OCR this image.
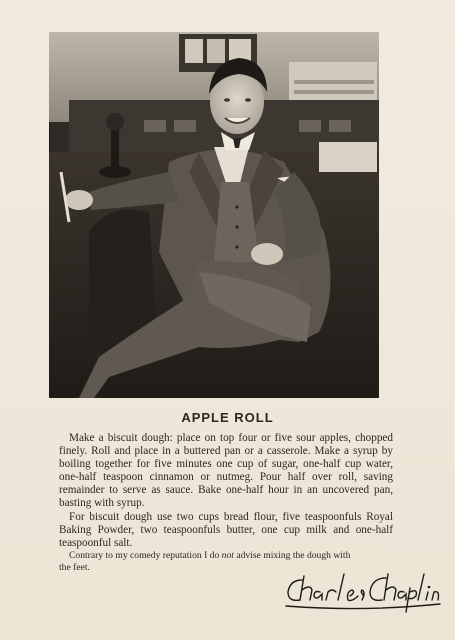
APPLE ROLL

Make a biscuit dough: place on top four or five sour apples, chopped finely. Roll and place in a buttered pan or a casserole. Make a syrup by boiling together for five minutes one cup of sugar, one-half cup water, one-half teaspoon cinnamon or nutmeg. Pour half over roll, saving remainder to serve as sauce. Bake one-half hour in an uncovered pan, basting with syrup.

For biscuit dough use two cups bread flour, five teaspoonfuls Royal Baking Powder, two teaspoonfuls butter, one cup milk and one-half teaspoonful salt.

Contrary to my comedy reputation I do not advise mixing the dough with the feet.
